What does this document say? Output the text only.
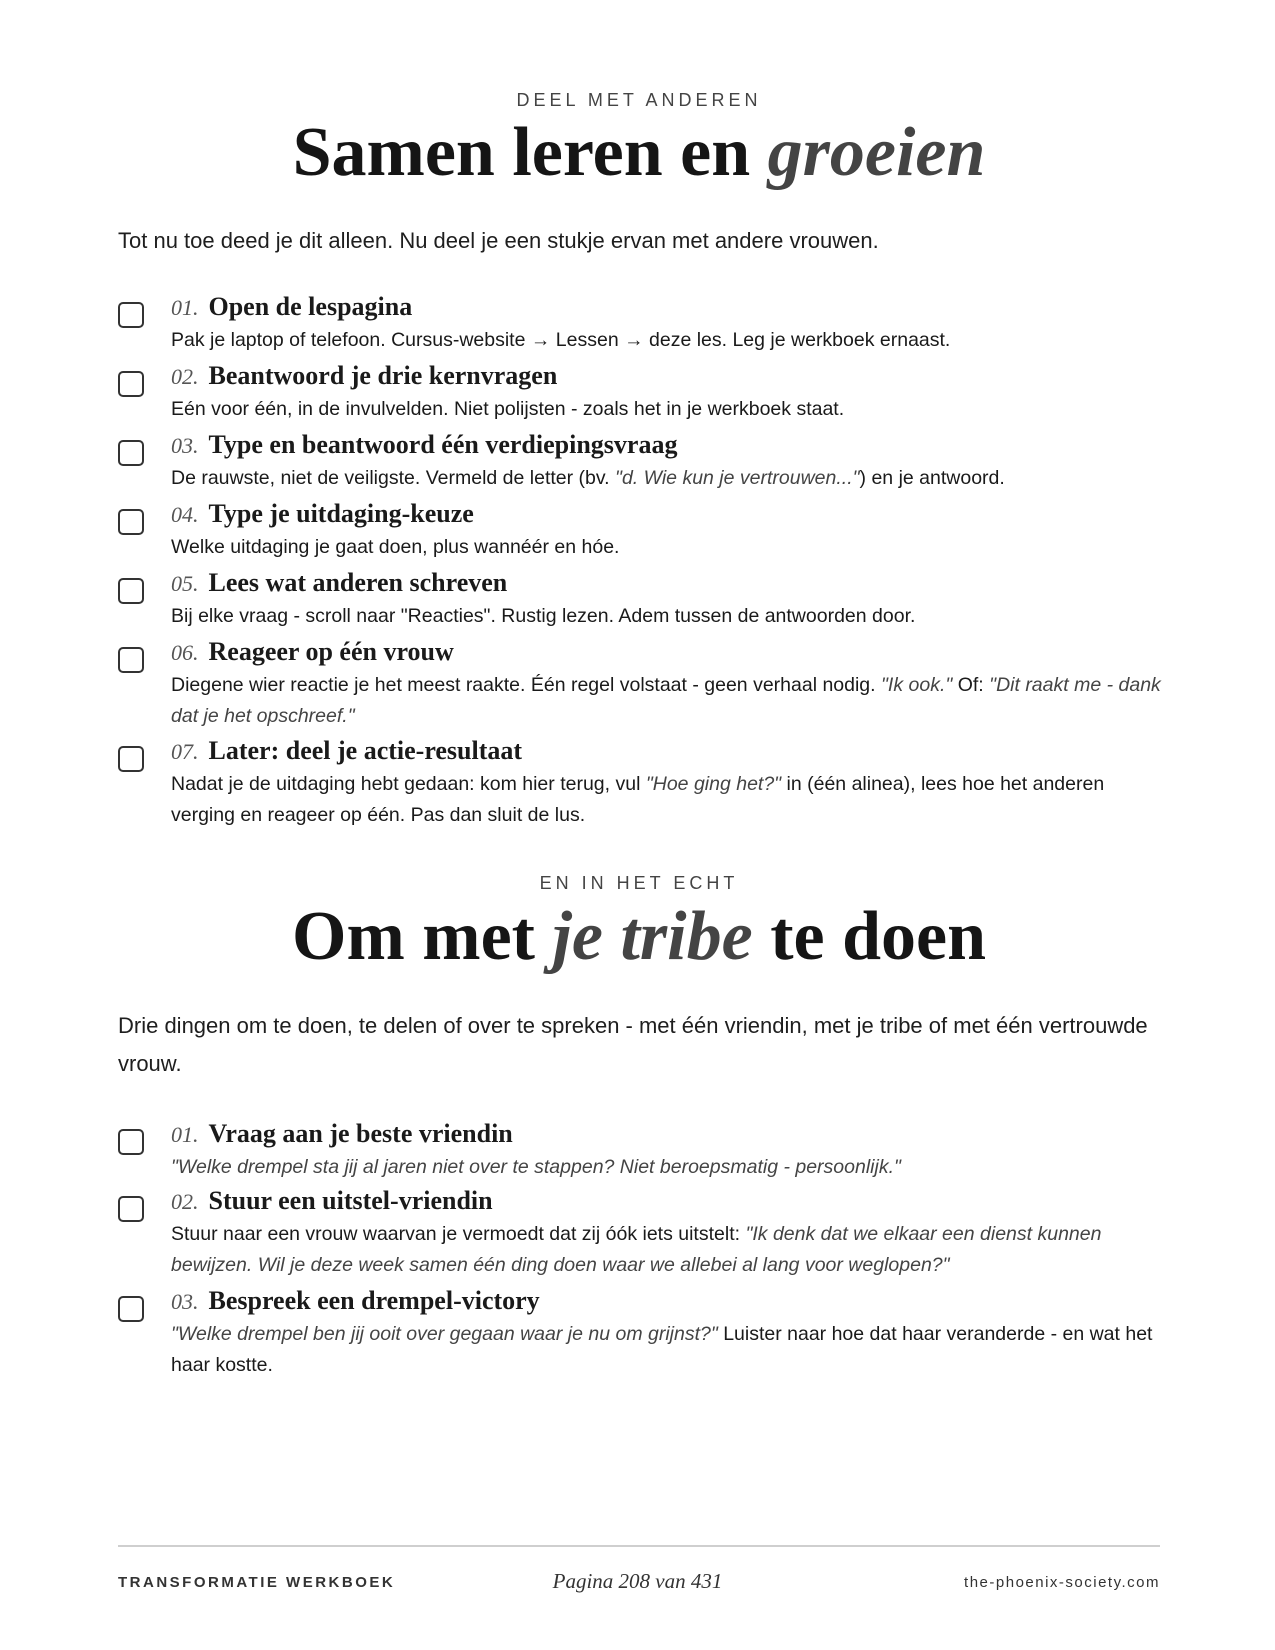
DEEL MET ANDEREN
Samen leren en groeien
Tot nu toe deed je dit alleen. Nu deel je een stukje ervan met andere vrouwen.
01. Open de lespagina
Pak je laptop of telefoon. Cursus-website → Lessen → deze les. Leg je werkboek ernaast.
02. Beantwoord je drie kernvragen
Eén voor één, in de invulvelden. Niet polijsten - zoals het in je werkboek staat.
03. Type en beantwoord één verdiepingsvraag
De rauwste, niet de veiligste. Vermeld de letter (bv. "d. Wie kun je vertrouwen...") en je antwoord.
04. Type je uitdaging-keuze
Welke uitdaging je gaat doen, plus wannéér en hóe.
05. Lees wat anderen schreven
Bij elke vraag - scroll naar "Reacties". Rustig lezen. Adem tussen de antwoorden door.
06. Reageer op één vrouw
Diegene wier reactie je het meest raakte. Één regel volstaat - geen verhaal nodig. "Ik ook." Of: "Dit raakt me - dank dat je het opschreef."
07. Later: deel je actie-resultaat
Nadat je de uitdaging hebt gedaan: kom hier terug, vul "Hoe ging het?" in (één alinea), lees hoe het anderen verging en reageer op één. Pas dan sluit de lus.
EN IN HET ECHT
Om met je tribe te doen
Drie dingen om te doen, te delen of over te spreken - met één vriendin, met je tribe of met één vertrouwde vrouw.
01. Vraag aan je beste vriendin
"Welke drempel sta jij al jaren niet over te stappen? Niet beroepsmatig - persoonlijk."
02. Stuur een uitstel-vriendin
Stuur naar een vrouw waarvan je vermoedt dat zij óók iets uitstelt: "Ik denk dat we elkaar een dienst kunnen bewijzen. Wil je deze week samen één ding doen waar we allebei al lang voor weglopen?"
03. Bespreek een drempel-victory
"Welke drempel ben jij ooit over gegaan waar je nu om grijnst?" Luister naar hoe dat haar veranderde - en wat het haar kostte.
TRANSFORMATIE WERKBOEK	Pagina 208 van 431	the-phoenix-society.com
